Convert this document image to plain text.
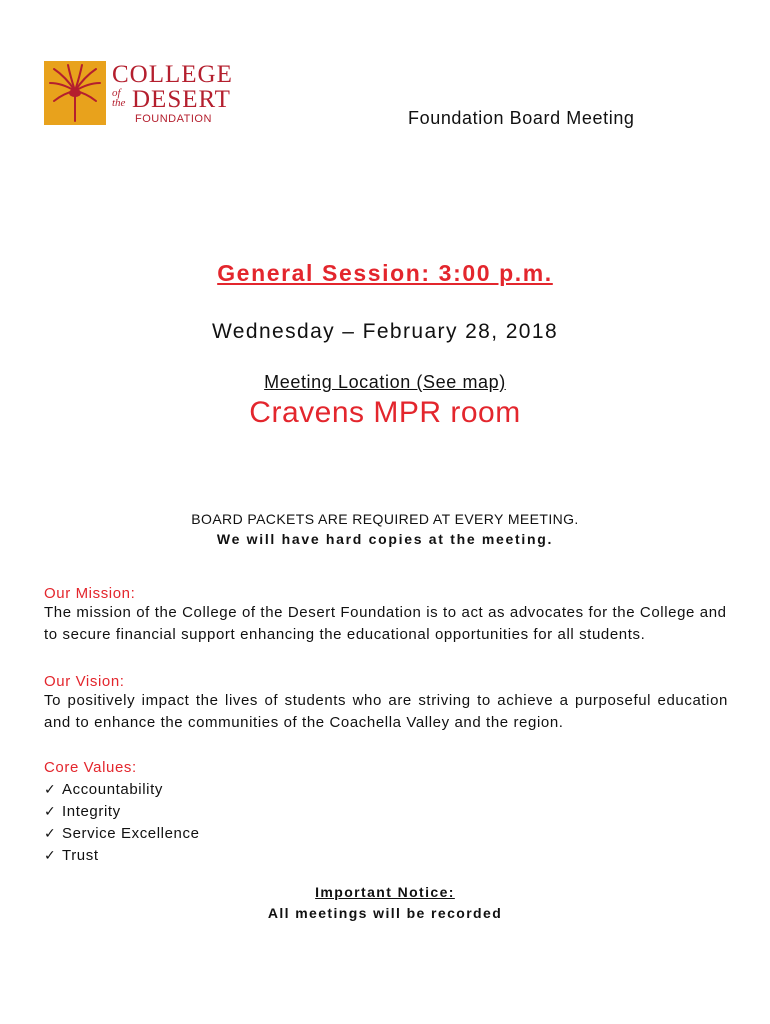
COLLEGE
of
the DESERT
FOUNDATION	Foundation Board Meeting
General Session: 3:00 p.m.
Wednesday – February 28, 2018
Meeting Location (See map)
Cravens MPR room
BOARD PACKETS ARE REQUIRED AT EVERY MEETING.
We will have hard copies at the meeting.
Our Mission:
The mission of the College of the Desert Foundation is to act as advocates for the College and to secure financial support enhancing the educational opportunities for all students.
Our Vision:
To positively impact the lives of students who are striving to achieve a purposeful education and to enhance the communities of the Coachella Valley and the region.
Core Values:
✓ Accountability
✓ Integrity
✓ Service Excellence
✓ Trust
Important Notice:
All meetings will be recorded
